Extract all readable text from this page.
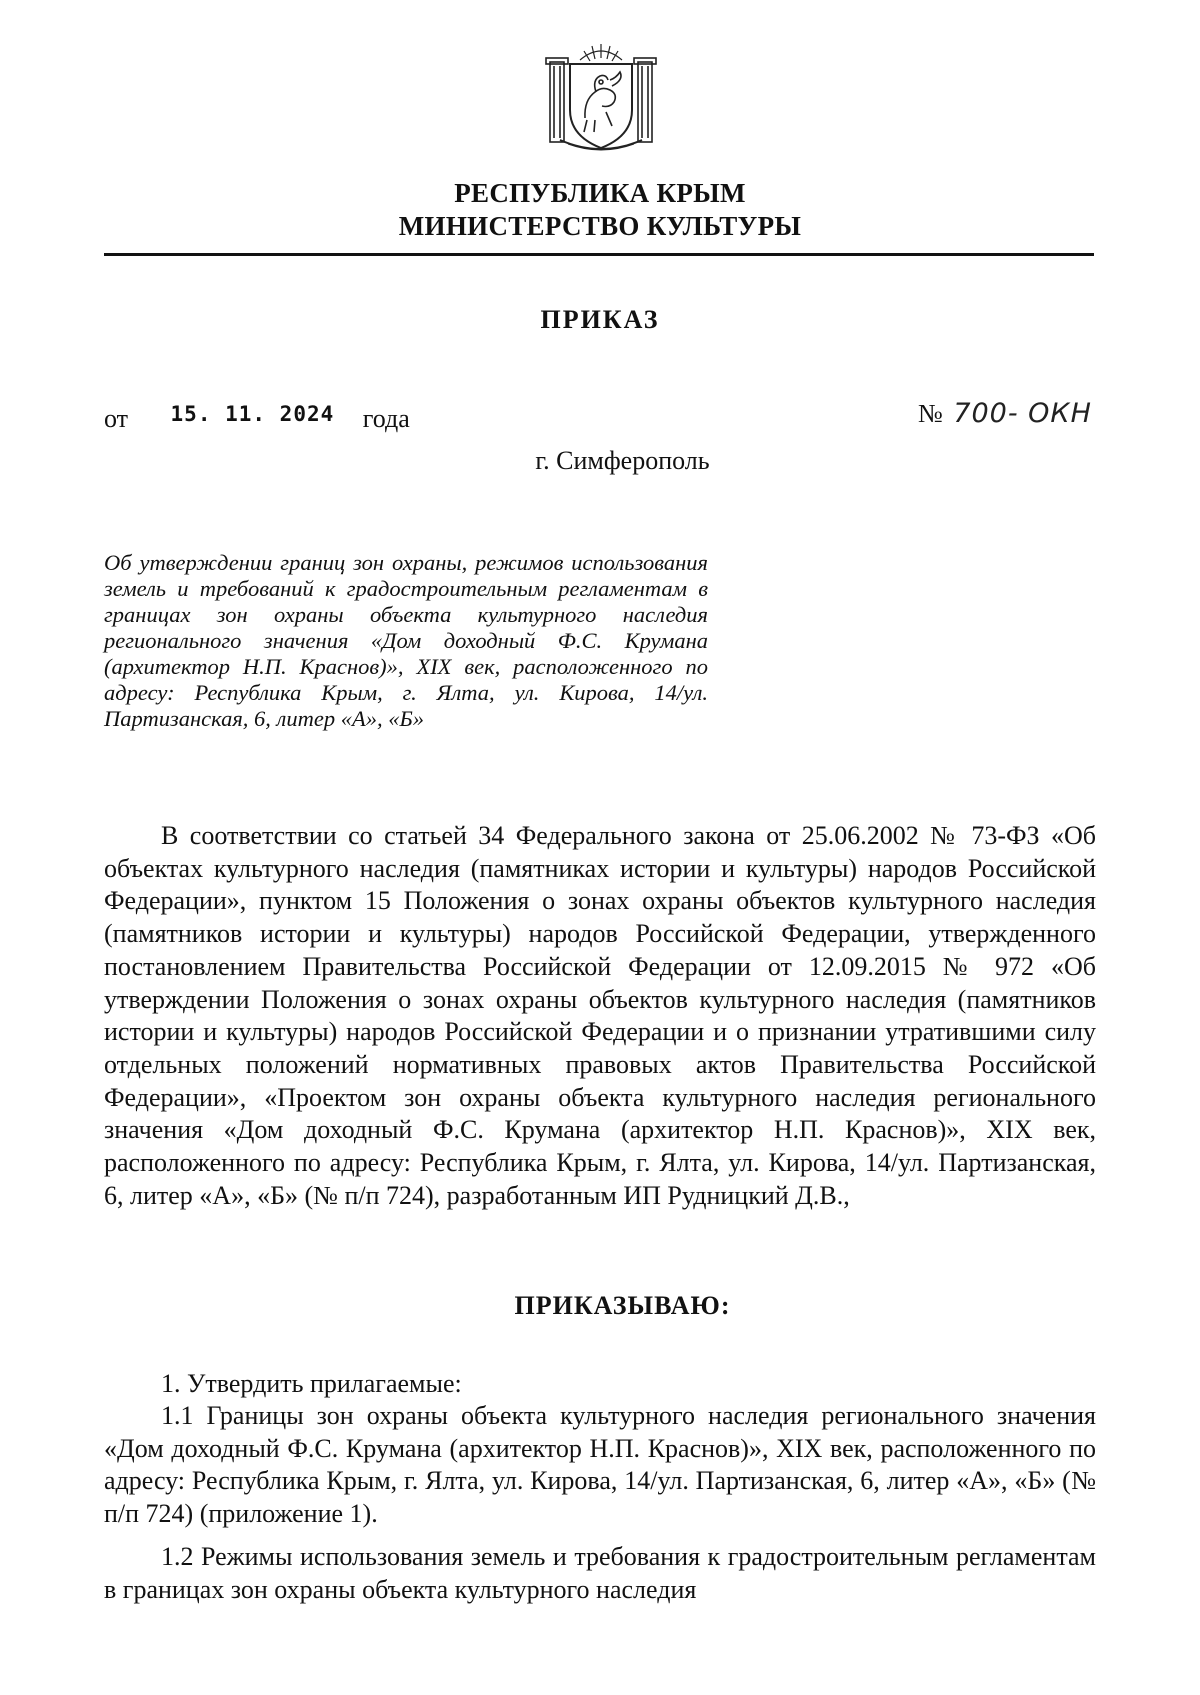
РЕСПУБЛИКА КРЫМ
МИНИСТЕРСТВО КУЛЬТУРЫ
ПРИКАЗ
от $^{15. 11. 2024}$ года	№ 700- ОКН
г. Симферополь
Об утверждении границ зон охраны, режимов использования земель и требований к градостроительным регламентам в границах зон охраны объекта культурного наследия регионального значения «Дом доходный Ф.С. Крумана (архитектор Н.П. Краснов)», XIX век, расположенного по адресу: Республика Крым, г. Ялта, ул. Кирова, 14/ул. Партизанская, 6, литер «А», «Б»
В соответствии со статьей 34 Федерального закона от 25.06.2002 № 73-ФЗ «Об объектах культурного наследия (памятниках истории и культуры) народов Российской Федерации», пунктом 15 Положения о зонах охраны объектов культурного наследия (памятников истории и культуры) народов Российской Федерации, утвержденного постановлением Правительства Российской Федерации от 12.09.2015 № 972 «Об утверждении Положения о зонах охраны объектов культурного наследия (памятников истории и культуры) народов Российской Федерации и о признании утратившими силу отдельных положений нормативных правовых актов Правительства Российской Федерации», «Проектом зон охраны объекта культурного наследия регионального значения «Дом доходный Ф.С. Крумана (архитектор Н.П. Краснов)», XIX век, расположенного по адресу: Республика Крым, г. Ялта, ул. Кирова, 14/ул. Партизанская, 6, литер «А», «Б» (№ п/п 724), разработанным ИП Рудницкий Д.В.,
ПРИКАЗЫВАЮ:
1. Утвердить прилагаемые:
1.1 Границы зон охраны объекта культурного наследия регионального значения «Дом доходный Ф.С. Крумана (архитектор Н.П. Краснов)», XIX век, расположенного по адресу: Республика Крым, г. Ялта, ул. Кирова, 14/ул. Партизанская, 6, литер «А», «Б» (№ п/п 724) (приложение 1).
1.2 Режимы использования земель и требования к градостроительным регламентам в границах зон охраны объекта культурного наследия
